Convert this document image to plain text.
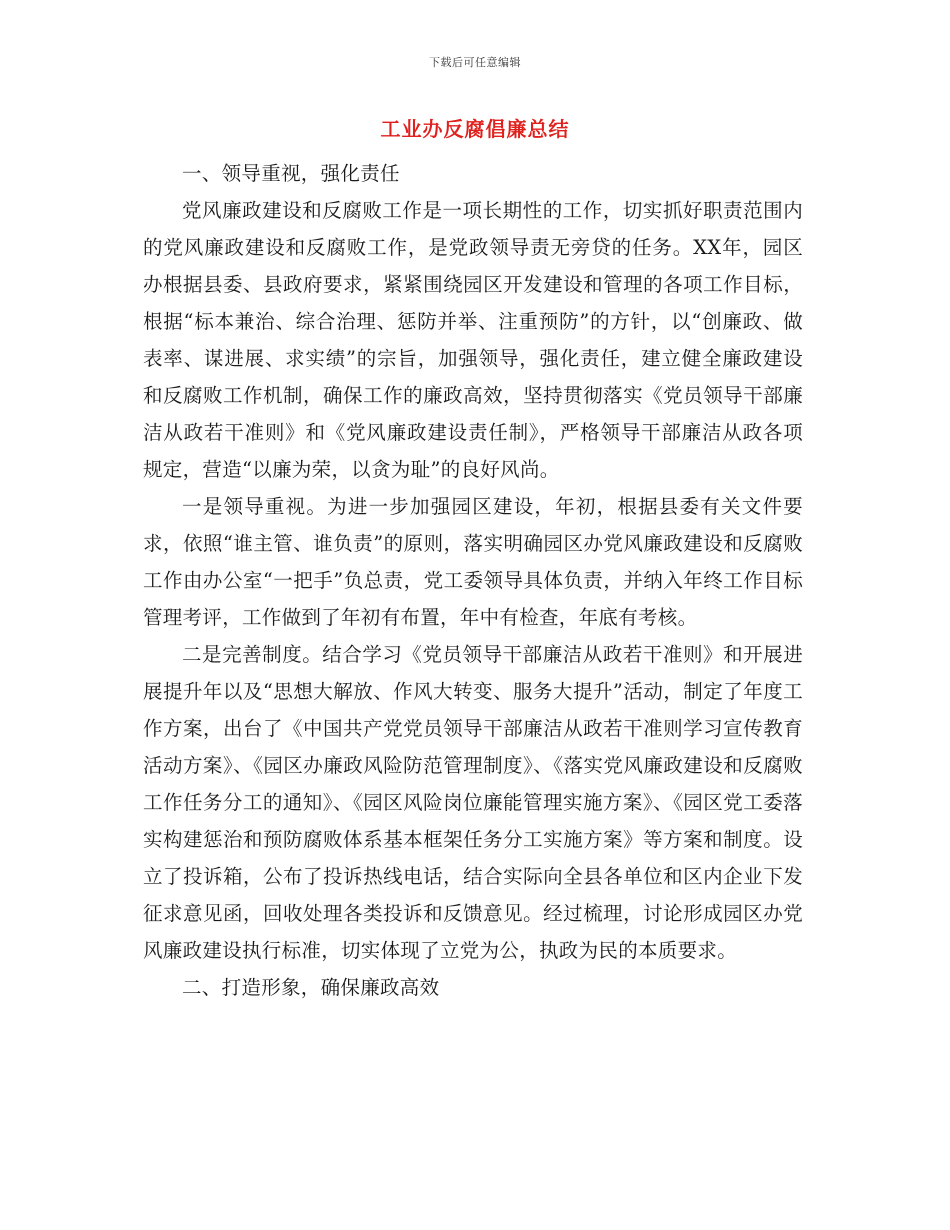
下载后可任意编辑
工业办反腐倡廉总结

一、领导重视，强化责任

党风廉政建设和反腐败工作是一项长期性的工作，切实抓好职责范围内的党风廉政建设和反腐败工作，是党政领导责无旁贷的任务。XX年，园区办根据县委、县政府要求，紧紧围绕园区开发建设和管理的各项工作目标，根据“标本兼治、综合治理、惩防并举、注重预防”的方针，以“创廉政、做表率、谋进展、求实绩”的宗旨，加强领导，强化责任，建立健全廉政建设和反腐败工作机制，确保工作的廉政高效，坚持贯彻落实《党员领导干部廉洁从政若干准则》和《党风廉政建设责任制》，严格领导干部廉洁从政各项规定，营造“以廉为荣，以贪为耻”的良好风尚。

一是领导重视。为进一步加强园区建设，年初，根据县委有关文件要求，依照“谁主管、谁负责”的原则，落实明确园区办党风廉政建设和反腐败工作由办公室“一把手”负总责，党工委领导具体负责，并纳入年终工作目标管理考评，工作做到了年初有布置，年中有检查，年底有考核。

二是完善制度。结合学习《党员领导干部廉洁从政若干准则》和开展进展提升年以及“思想大解放、作风大转变、服务大提升”活动，制定了年度工作方案，出台了《中国共产党党员领导干部廉洁从政若干准则学习宣传教育活动方案》、《园区办廉政风险防范管理制度》、《落实党风廉政建设和反腐败工作任务分工的通知》、《园区风险岗位廉能管理实施方案》、《园区党工委落实构建惩治和预防腐败体系基本框架任务分工实施方案》等方案和制度。设立了投诉箱，公布了投诉热线电话，结合实际向全县各单位和区内企业下发征求意见函，回收处理各类投诉和反馈意见。经过梳理，讨论形成园区办党风廉政建设执行标准，切实体现了立党为公，执政为民的本质要求。

二、打造形象，确保廉政高效
